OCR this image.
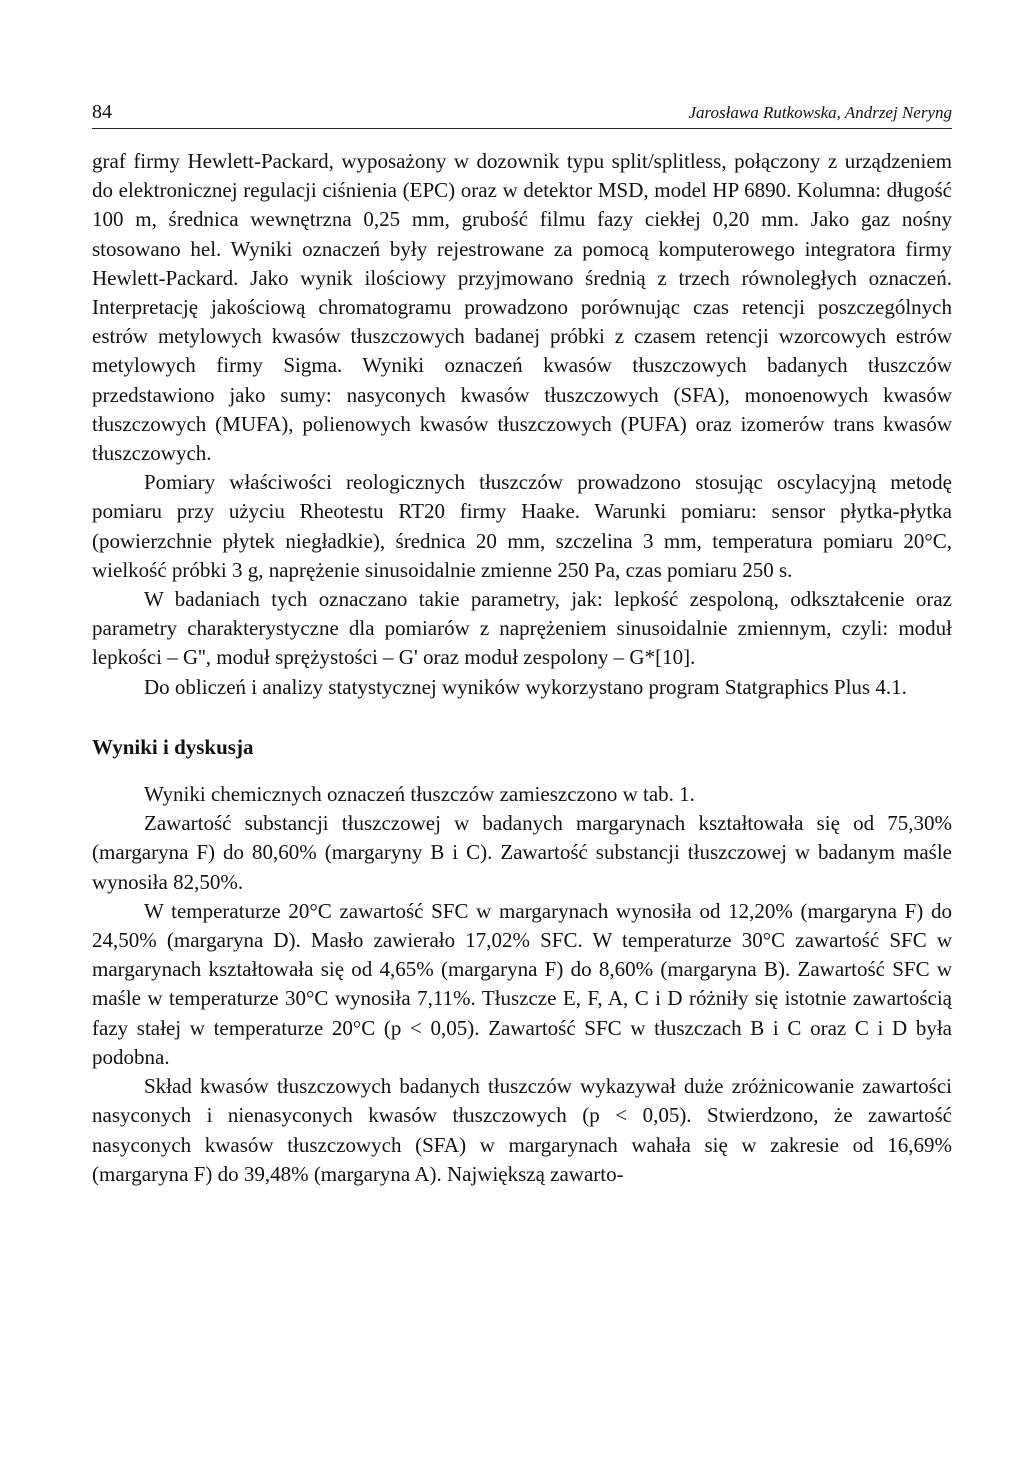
84	Jarosława Rutkowska, Andrzej Neryng

graf firmy Hewlett-Packard, wyposażony w dozownik typu split/splitless, połączony z urządzeniem do elektronicznej regulacji ciśnienia (EPC) oraz w detektor MSD, model HP 6890. Kolumna: długość 100 m, średnica wewnętrzna 0,25 mm, grubość filmu fazy ciekłej 0,20 mm. Jako gaz nośny stosowano hel. Wyniki oznaczeń były rejestrowane za pomocą komputerowego integratora firmy Hewlett-Packard. Jako wynik ilościowy przyjmowano średnią z trzech równoległych oznaczeń. Interpretację jakościową chromatogramu prowadzono porównując czas retencji poszczególnych estrów metylowych kwasów tłuszczowych badanej próbki z czasem retencji wzorcowych estrów metylowych firmy Sigma. Wyniki oznaczeń kwasów tłuszczowych badanych tłuszczów przedstawiono jako sumy: nasyconych kwasów tłuszczowych (SFA), monoenowych kwasów tłuszczowych (MUFA), polienowych kwasów tłuszczowych (PUFA) oraz izomerów trans kwasów tłuszczowych.

Pomiary właściwości reologicznych tłuszczów prowadzono stosując oscylacyjną metodę pomiaru przy użyciu Rheotestu RT20 firmy Haake. Warunki pomiaru: sensor płytka-płytka (powierzchnie płytek niegładkie), średnica 20 mm, szczelina 3 mm, temperatura pomiaru 20°C, wielkość próbki 3 g, naprężenie sinusoidalnie zmienne 250 Pa, czas pomiaru 250 s.

W badaniach tych oznaczano takie parametry, jak: lepkość zespoloną, odkształcenie oraz parametry charakterystyczne dla pomiarów z naprężeniem sinusoidalnie zmiennym, czyli: moduł lepkości – G'', moduł sprężystości – G' oraz moduł zespolony – G*[10].

Do obliczeń i analizy statystycznej wyników wykorzystano program Statgraphics Plus 4.1.

Wyniki i dyskusja

Wyniki chemicznych oznaczeń tłuszczów zamieszczono w tab. 1.

Zawartość substancji tłuszczowej w badanych margarynach kształtowała się od 75,30% (margaryna F) do 80,60% (margaryny B i C). Zawartość substancji tłuszczowej w badanym maśle wynosiła 82,50%.

W temperaturze 20°C zawartość SFC w margarynach wynosiła od 12,20% (margaryna F) do 24,50% (margaryna D). Masło zawierało 17,02% SFC. W temperaturze 30°C zawartość SFC w margarynach kształtowała się od 4,65% (margaryna F) do 8,60% (margaryna B). Zawartość SFC w maśle w temperaturze 30°C wynosiła 7,11%. Tłuszcze E, F, A, C i D różniły się istotnie zawartością fazy stałej w temperaturze 20°C (p < 0,05). Zawartość SFC w tłuszczach B i C oraz C i D była podobna.

Skład kwasów tłuszczowych badanych tłuszczów wykazywał duże zróżnicowanie zawartości nasyconych i nienasyconych kwasów tłuszczowych (p < 0,05). Stwierdzono, że zawartość nasyconych kwasów tłuszczowych (SFA) w margarynach wahała się w zakresie od 16,69% (margaryna F) do 39,48% (margaryna A). Największą zawarto-
